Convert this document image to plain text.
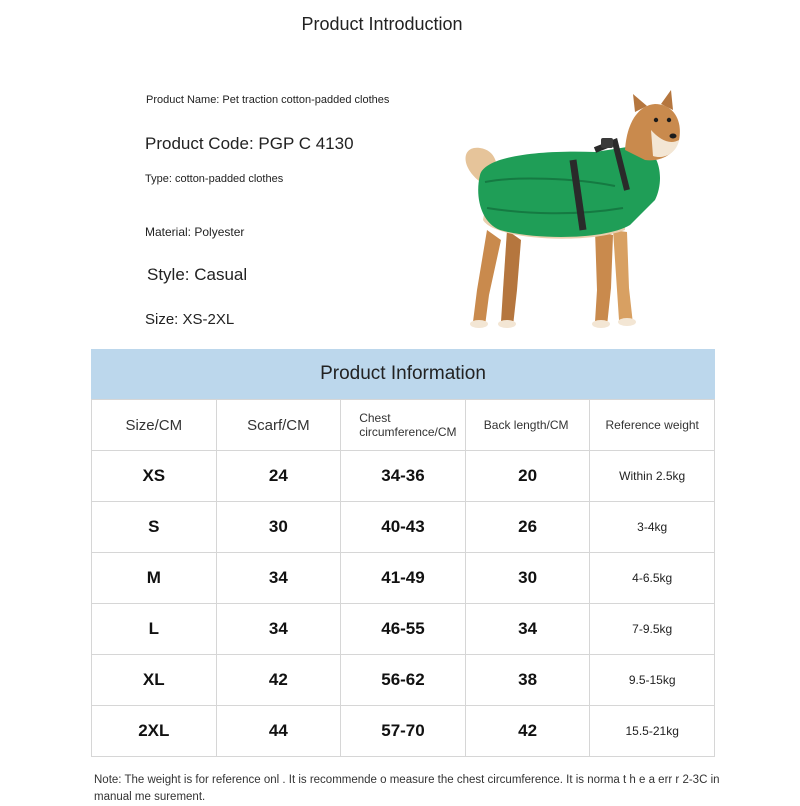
Product Introduction
Product Name: Pet traction cotton-padded clothes
Product Code: PGP C 4130
Type: cotton-padded clothes
Material: Polyester
Style: Casual
Size: XS-2XL
Product Information
Size/CM	Scarf/CM	Chest circumference/CM	Back length/CM	Reference weight
XS	24	34-36	20	Within 2.5kg
S	30	40-43	26	3-4kg
M	34	41-49	30	4-6.5kg
L	34	46-55	34	7-9.5kg
XL	42	56-62	38	9.5-15kg
2XL	44	57-70	42	15.5-21kg
Note: The weight is for reference onl . It is recommende o measure the chest circumference. It is norma t h e a err r 2-3C in manual me surement.
